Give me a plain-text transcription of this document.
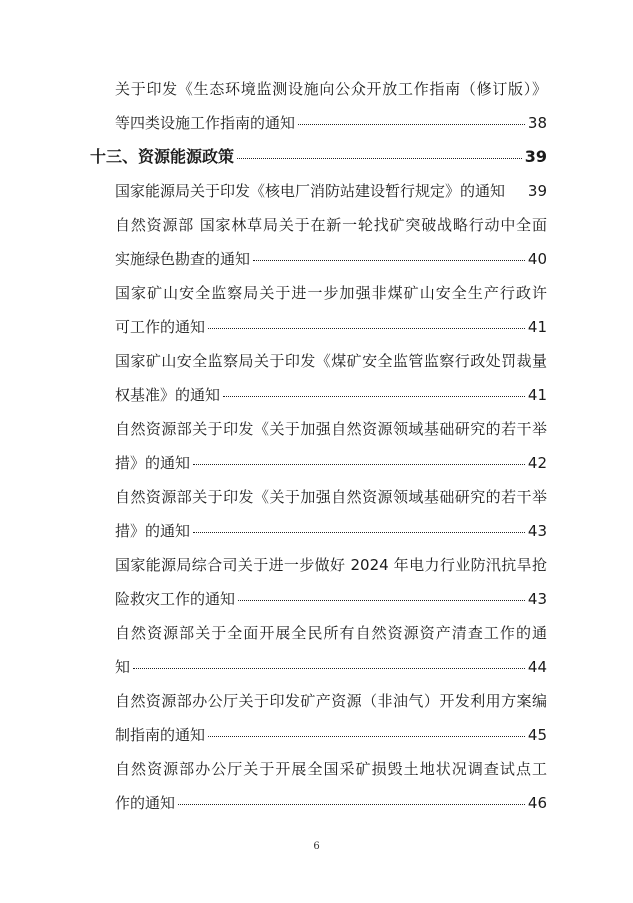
关于印发《生态环境监测设施向公众开放工作指南（修订版）》
等四类设施工作指南的通知	38
十三、资源能源政策	39
国家能源局关于印发《核电厂消防站建设暂行规定》的通知 39
自然资源部 国家林草局关于在新一轮找矿突破战略行动中全面
实施绿色勘查的通知	40
国家矿山安全监察局关于进一步加强非煤矿山安全生产行政许
可工作的通知	41
国家矿山安全监察局关于印发《煤矿安全监管监察行政处罚裁量
权基准》的通知	41
自然资源部关于印发《关于加强自然资源领域基础研究的若干举
措》的通知	42
自然资源部关于印发《关于加强自然资源领域基础研究的若干举
措》的通知	43
国家能源局综合司关于进一步做好 2024 年电力行业防汛抗旱抢
险救灾工作的通知	43
自然资源部关于全面开展全民所有自然资源资产清查工作的通
知	44
自然资源部办公厅关于印发矿产资源（非油气）开发利用方案编
制指南的通知	45
自然资源部办公厅关于开展全国采矿损毁土地状况调查试点工
作的通知	46
6
